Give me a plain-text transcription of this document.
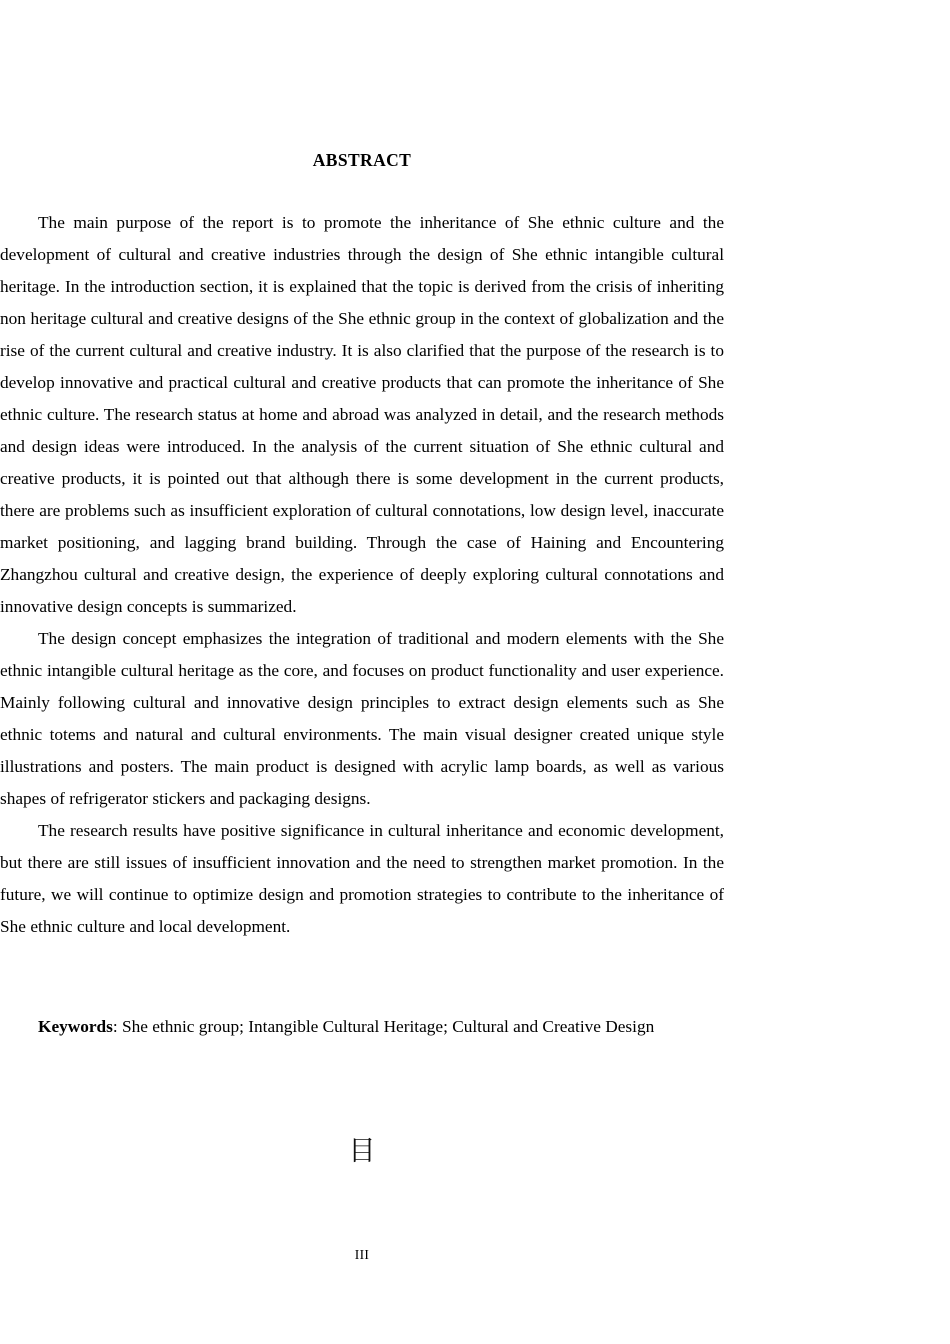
ABSTRACT

The main purpose of the report is to promote the inheritance of She ethnic culture and the development of cultural and creative industries through the design of She ethnic intangible cultural heritage. In the introduction section, it is explained that the topic is derived from the crisis of inheriting non heritage cultural and creative designs of the She ethnic group in the context of globalization and the rise of the current cultural and creative industry. It is also clarified that the purpose of the research is to develop innovative and practical cultural and creative products that can promote the inheritance of She ethnic culture. The research status at home and abroad was analyzed in detail, and the research methods and design ideas were introduced. In the analysis of the current situation of She ethnic cultural and creative products, it is pointed out that although there is some development in the current products, there are problems such as insufficient exploration of cultural connotations, low design level, inaccurate market positioning, and lagging brand building. Through the case of Haining and Encountering Zhangzhou cultural and creative design, the experience of deeply exploring cultural connotations and innovative design concepts is summarized.

The design concept emphasizes the integration of traditional and modern elements with the She ethnic intangible cultural heritage as the core, and focuses on product functionality and user experience. Mainly following cultural and innovative design principles to extract design elements such as She ethnic totems and natural and cultural environments. The main visual designer created unique style illustrations and posters. The main product is designed with acrylic lamp boards, as well as various shapes of refrigerator stickers and packaging designs.

The research results have positive significance in cultural inheritance and economic development, but there are still issues of insufficient innovation and the need to strengthen market promotion. In the future, we will continue to optimize design and promotion strategies to contribute to the inheritance of She ethnic culture and local development.

Keywords: She ethnic group; Intangible Cultural Heritage; Cultural and Creative Design

目
III
